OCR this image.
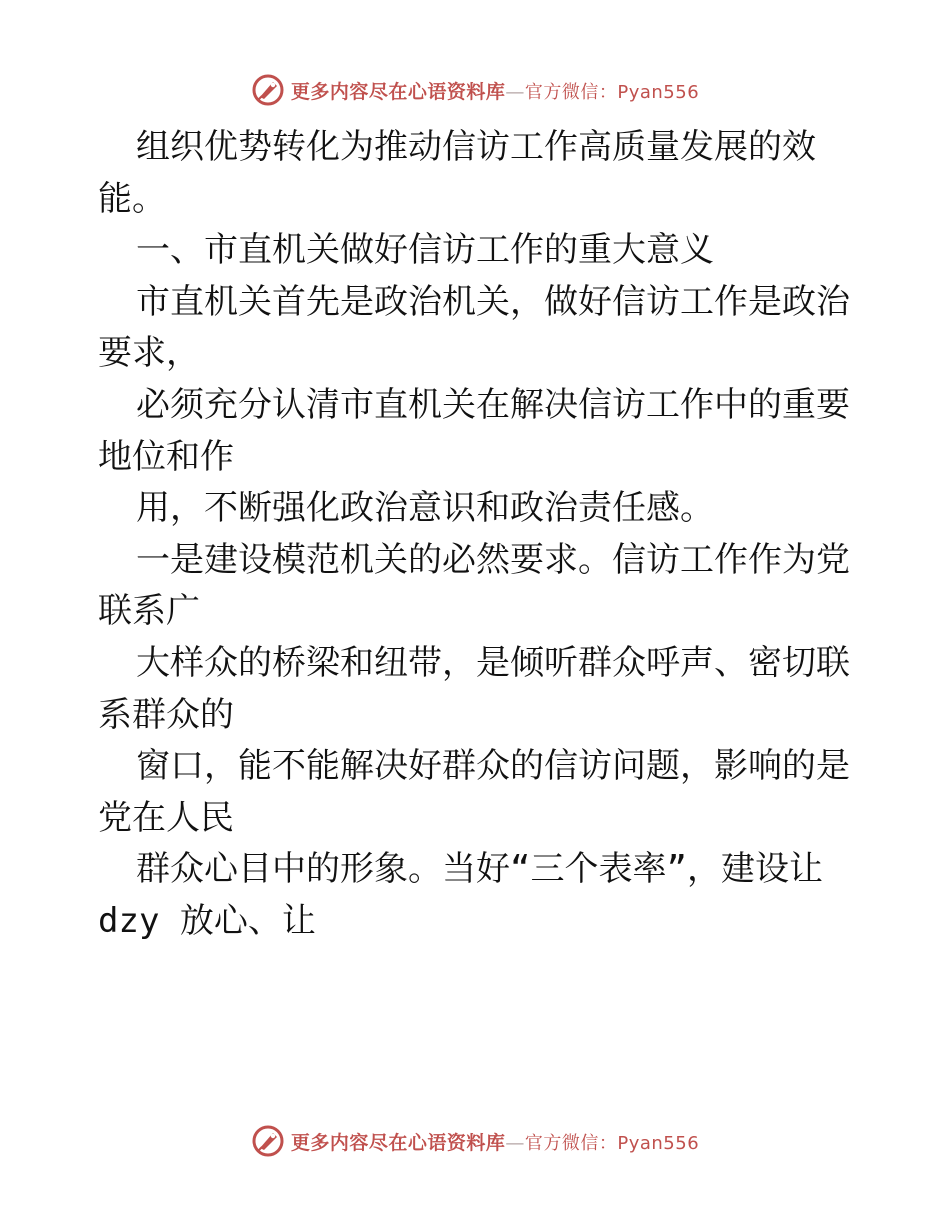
更多内容尽在心语资料库—官方微信：Pyan556

组织优势转化为推动信访工作高质量发展的效能。

一、市直机关做好信访工作的重大意义

市直机关首先是政治机关，做好信访工作是政治要求，

必须充分认清市直机关在解决信访工作中的重要地位和作

用，不断强化政治意识和政治责任感。

一是建设模范机关的必然要求。信访工作作为党联系广

大样众的桥梁和纽带，是倾听群众呼声、密切联系群众的

窗口，能不能解决好群众的信访问题，影响的是党在人民

群众心目中的形象。当好“三个表率”，建设让 dzy 放心、让

更多内容尽在心语资料库—官方微信：Pyan556
